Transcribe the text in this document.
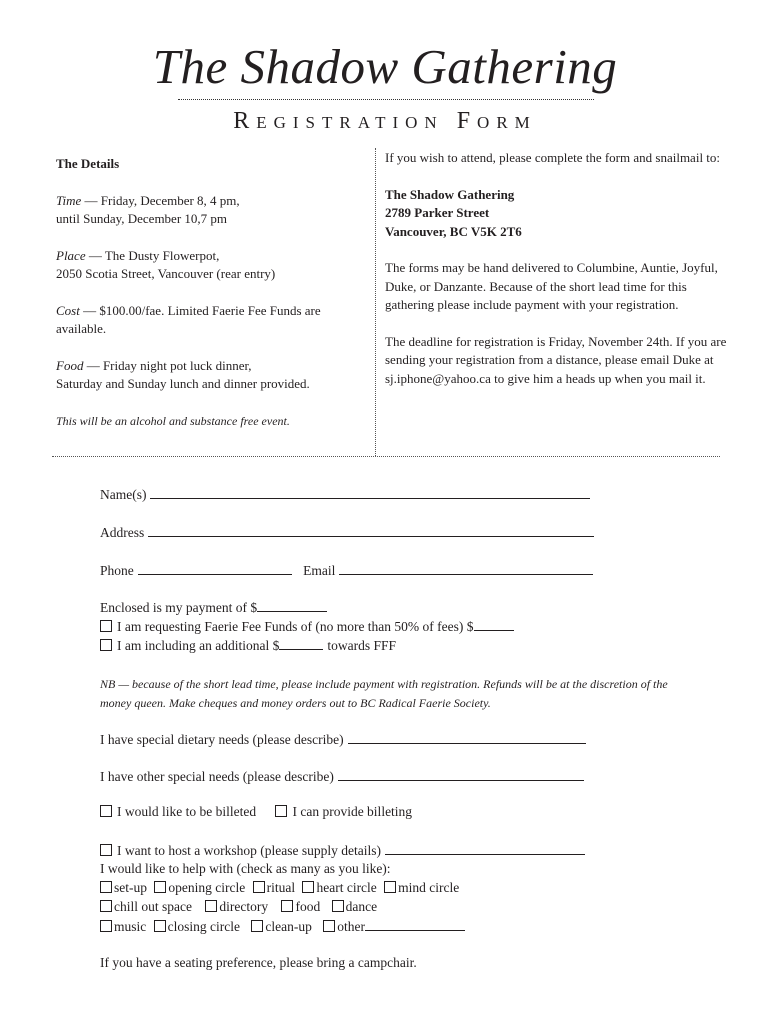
The Shadow Gathering
Registration Form

The Details

Time — Friday, December 8, 4 pm,

until Sunday, December 10,7 pm

Place — The Dusty Flowerpot,

2050 Scotia Street, Vancouver (rear entry)

Cost — $100.00/fae. Limited Faerie Fee Funds are available.

Food — Friday night pot luck dinner,

Saturday and Sunday lunch and dinner provided.

This will be an alcohol and substance free event.

If you wish to attend, please complete the form and snailmail to:

The Shadow Gathering

2789 Parker Street

Vancouver, BC V5K 2T6

The forms may be hand delivered to Columbine, Auntie, Joyful, Duke, or Danzante. Because of the short lead time for this gathering please include payment with your registration.

The deadline for registration is Friday, November 24th. If you are sending your registration from a distance, please email Duke at sj.iphone@yahoo.ca to give him a heads up when you mail it.

Name(s)
Address
Phone	Email
Enclosed is my payment of $
I am requesting Faerie Fee Funds of (no more than 50% of fees) $
I am including an additional $	towards FFF
NB — because of the short lead time, please include payment with registration. Refunds will be at the discretion of the money queen. Make cheques and money orders out to BC Radical Faerie Society.
I have special dietary needs (please describe)
I have other special needs (please describe)
I would like to be billeted	I can provide billeting
I want to host a workshop (please supply details)
I would like to help with (check as many as you like):
set-up opening circle ritual heart circle mind circle
chill out space directory food dance
music closing circle clean-up other
If you have a seating preference, please bring a campchair.
